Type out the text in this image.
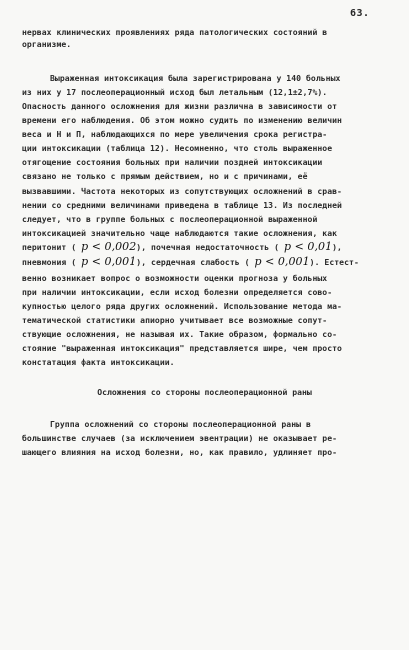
63.
нервах клинических проявлениях ряда патологических состояний в
организме.
Выраженная интоксикация была зарегистрирована у 140 больных
из них у 17 послеоперационный исход был летальным (12,1±2,7%).
Опасность данного осложнения для жизни различна в зависимости от
времени его наблюдения. Об этом можно судить по изменению величин
веса и Н и П, наблюдающихся по мере увеличения срока регистра-
ции интоксикации (таблица 12). Несомненно, что столь выраженное
отягощение состояния больных при наличии поздней интоксикации
связано не только с прямым действием, но и с причинами, её
вызвавшими. Частота некоторых из сопутствующих осложнений в срав-
нении со средними величинами приведена в таблице 13. Из последней
следует, что в группе больных с послеоперационной выраженной
интоксикацией значительно чаще наблюдаются такие осложнения, как
перитонит ( p < 0,002), почечная недостаточность ( p < 0,01),
пневмония ( p < 0,001), сердечная слабость ( p < 0,001). Естест-
венно возникает вопрос о возможности оценки прогноза у больных
при наличии интоксикации, если исход болезни определяется сово-
купностью целого ряда других осложнений. Использование метода ма-
тематической статистики апиорно учитывает все возможные сопут-
ствующие осложнения, не называя их. Такие образом, формально со-
стояние "выраженная интоксикация" представляется шире, чем просто
констатация факта интоксикации.
Осложнения со стороны послеоперационной раны
Группа осложнений со стороны послеоперационной раны в
большинстве случаев (за исключением эвентрации) не оказывает ре-
шающего влияния на исход болезни, но, как правило, удлиняет про-
